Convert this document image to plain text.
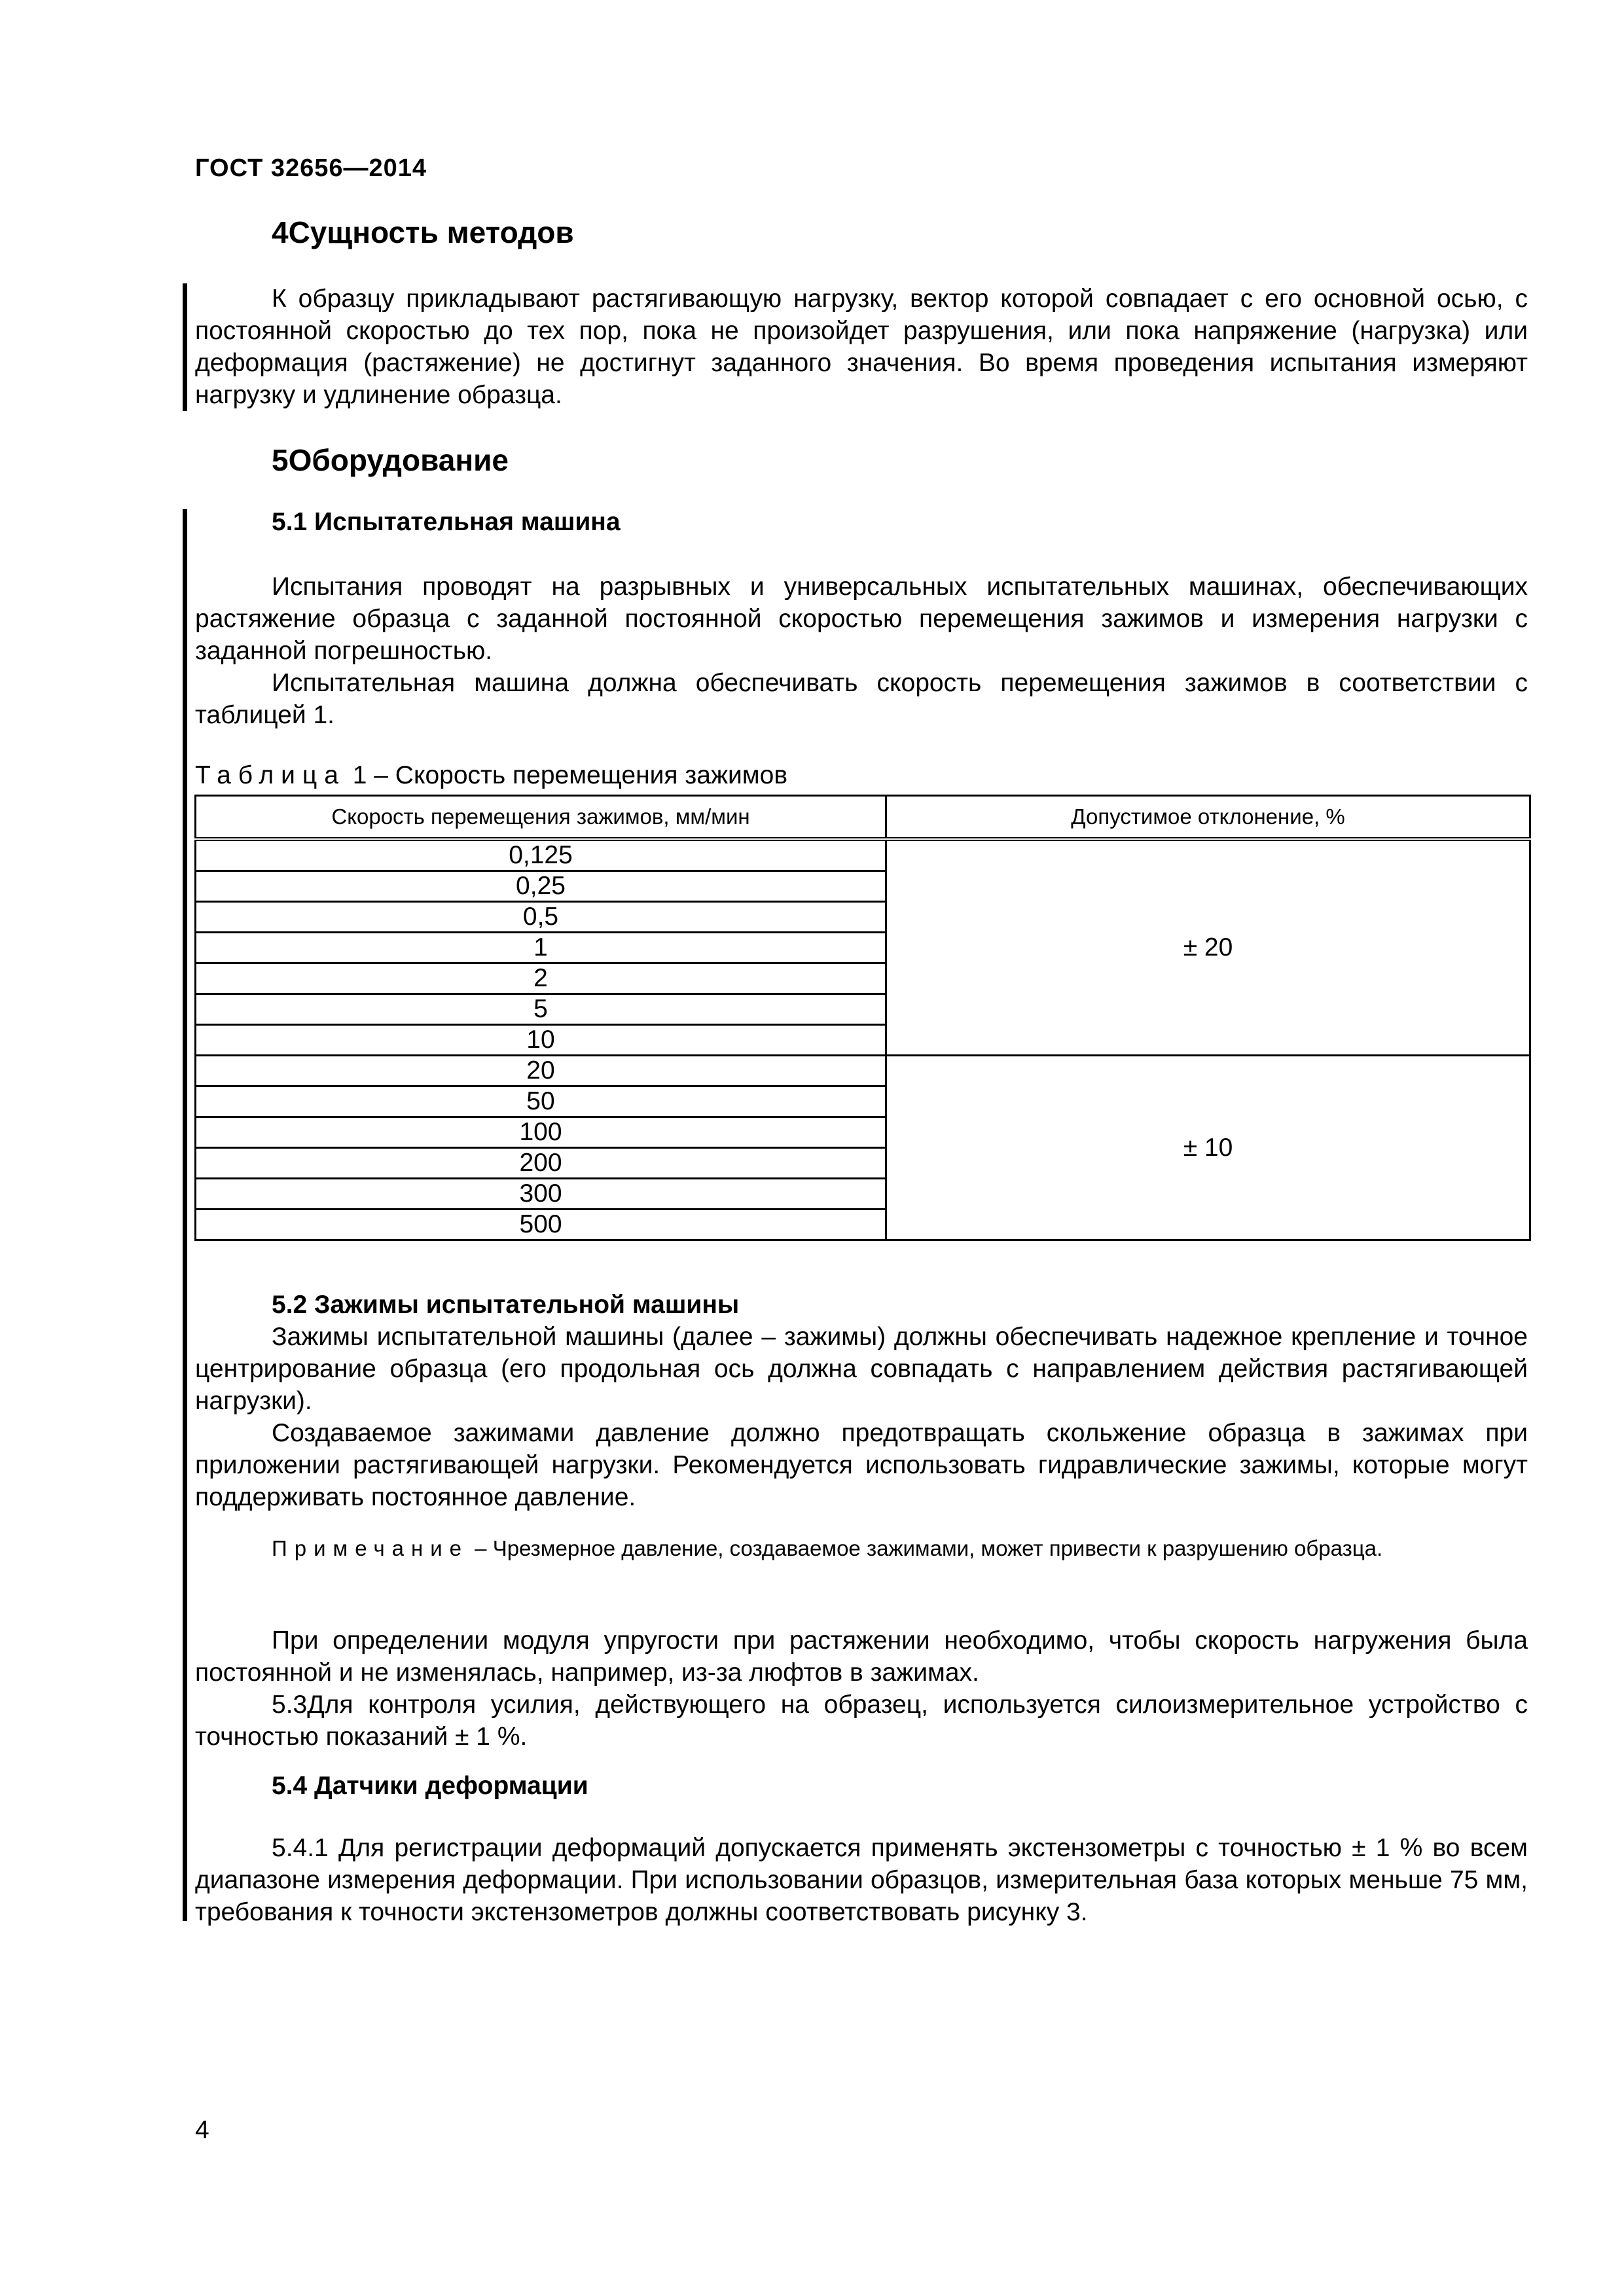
ГОСТ 32656—2014
4Сущность методов

К образцу прикладывают растягивающую нагрузку, вектор которой совпадает с его основной осью, с постоянной скоростью до тех пор, пока не произойдет разрушения, или пока напряжение (нагрузка) или деформация (растяжение) не достигнут заданного значения. Во время проведения испытания измеряют нагрузку и удлинение образца.

5Оборудование
5.1 Испытательная машина

Испытания проводят на разрывных и универсальных испытательных машинах, обеспечивающих растяжение образца с заданной постоянной скоростью перемещения зажимов и измерения нагрузки с заданной погрешностью.

Испытательная машина должна обеспечивать скорость перемещения зажимов в соответствии с таблицей 1.

Таблица 1 – Скорость перемещения зажимов
Скорость перемещения зажимов, мм/мин	Допустимое отклонение, %
0,125	± 20
0,25	
0,5	
1	
2	
5	
10	
20	± 10
50	
100	
200	
300	
500	
5.2 Зажимы испытательной машины

Зажимы испытательной машины (далее – зажимы) должны обеспечивать надежное крепление и точное центрирование образца (его продольная ось должна совпадать с направлением действия растягивающей нагрузки).

Создаваемое зажимами давление должно предотвращать скольжение образца в зажимах при приложении растягивающей нагрузки. Рекомендуется использовать гидравлические зажимы, которые могут поддерживать постоянное давление.

Примечание – Чрезмерное давление, создаваемое зажимами, может привести к разрушению образца.

При определении модуля упругости при растяжении необходимо, чтобы скорость нагружения была постоянной и не изменялась, например, из-за люфтов в зажимах.

5.3Для контроля усилия, действующего на образец, используется силоизмерительное устройство с точностью показаний ± 1 %.

5.4 Датчики деформации

5.4.1 Для регистрации деформаций допускается применять экстензометры с точностью ± 1 % во всем диапазоне измерения деформации. При использовании образцов, измерительная база которых меньше 75 мм, требования к точности экстензометров должны соответствовать рисунку 3.

4
